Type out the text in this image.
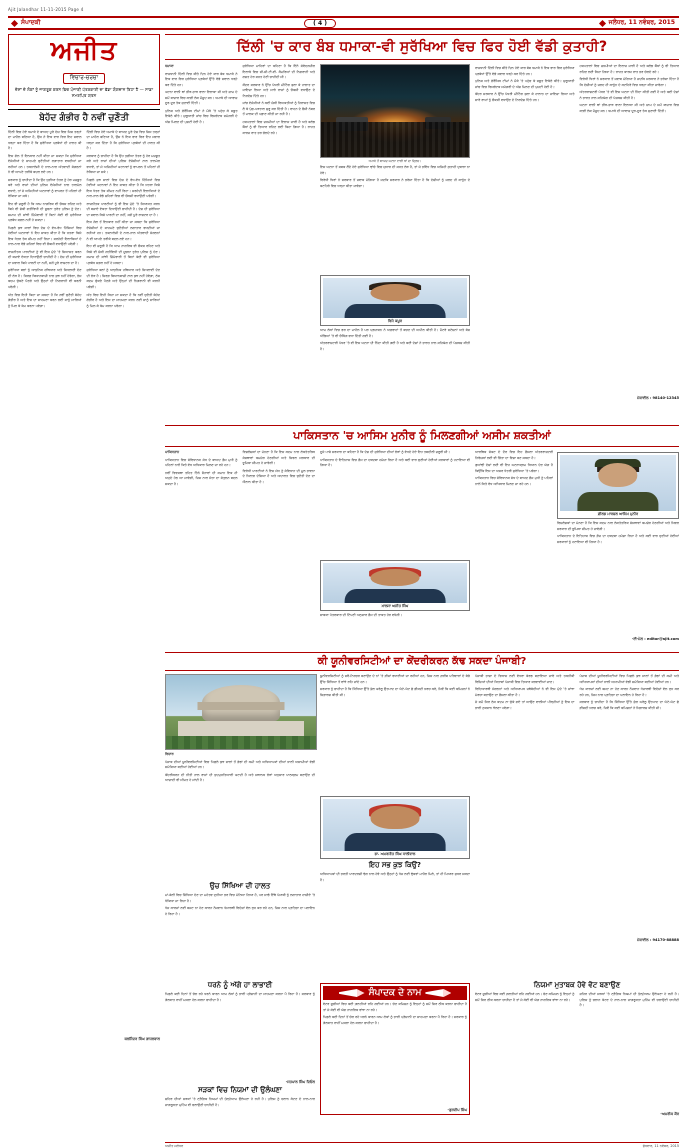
Ajit Jalandhar 11-11-2015 Page 4
ਸੰਪਾਦਕੀ	( 4 )	ਜਲੰਧਰ, 11 ਨਵੰਬਰ, 2015
ਅਜੀਤ
ਵਿਚਾਰ-ਚਰਚਾ
ਦੇਸ਼ਾਂ ਦੇ ਲੋਕਾਂ ਨੂੰ ਜਾਗਰੂਕ ਕਰਨ ਵਿਚ ਪੰਜਾਬੀ ਪੱਤਰਕਾਰੀ ਦਾ ਵੱਡਾ ਯੋਗਦਾਨ ਰਿਹਾ ਹੈ — ਸਾਡਾ ਸਮਰਪਿਤ ਯਤਨ
ਬੇਹੱਦ ਗੰਭੀਰ ਹੈ ਨਵੀਂ ਚੁਣੌਤੀ

ਦਿੱਲੀ ਵਿਚ ਹੋਏ ਧਮਾਕੇ ਦੇ ਬਾਅਦ ਪੂਰੇ ਦੇਸ਼ ਵਿਚ ਜਿਸ ਤਰ੍ਹਾਂ ਦਾ ਮਾਹੌਲ ਬਣਿਆ ਹੈ, ਉਸ ਨੇ ਇਕ ਵਾਰ ਫਿਰ ਇਹ ਸਵਾਲ ਖੜ੍ਹਾ ਕਰ ਦਿੱਤਾ ਹੈ ਕਿ ਸੁਰੱਖਿਆ ਪ੍ਰਬੰਧਾਂ ਦੀ ਹਾਲਤ ਕੀ ਹੈ।

ਇਸ ਗੱਲ ਤੋਂ ਇਨਕਾਰ ਨਹੀਂ ਕੀਤਾ ਜਾ ਸਕਦਾ ਕਿ ਸੁਰੱਖਿਆ ਏਜੰਸੀਆਂ ਦੇ ਸਾਹਮਣੇ ਚੁਣੌਤੀਆਂ ਲਗਾਤਾਰ ਵਧਦੀਆਂ ਜਾ ਰਹੀਆਂ ਹਨ। ਤਕਨਾਲੋਜੀ ਦੇ ਨਾਲ-ਨਾਲ ਅੱਤਵਾਦੀ ਸੰਗਠਨਾਂ ਨੇ ਵੀ ਆਪਣੇ ਤਰੀਕੇ ਬਦਲ ਲਏ ਹਨ।

ਸਰਕਾਰ ਨੂੰ ਚਾਹੀਦਾ ਹੈ ਕਿ ਉਹ ਖੁਫ਼ੀਆ ਤੰਤਰ ਨੂੰ ਹੋਰ ਮਜ਼ਬੂਤ ਕਰੇ ਅਤੇ ਰਾਜਾਂ ਦੀਆਂ ਪੁਲਿਸ ਏਜੰਸੀਆਂ ਨਾਲ ਤਾਲਮੇਲ ਵਧਾਏ, ਤਾਂ ਜੋ ਅਜਿਹੀਆਂ ਘਟਨਾਵਾਂ ਨੂੰ ਵਾਪਰਨ ਤੋਂ ਪਹਿਲਾਂ ਹੀ ਰੋਕਿਆ ਜਾ ਸਕੇ।

ਇਹ ਵੀ ਜ਼ਰੂਰੀ ਹੈ ਕਿ ਆਮ ਨਾਗਰਿਕ ਵੀ ਚੌਕਸ ਰਹਿਣ ਅਤੇ ਕਿਸੇ ਵੀ ਸ਼ੱਕੀ ਗਤੀਵਿਧੀ ਦੀ ਸੂਚਨਾ ਤੁਰੰਤ ਪੁਲਿਸ ਨੂੰ ਦੇਣ। ਸਮਾਜ ਦੀ ਸਾਂਝੀ ਜ਼ਿੰਮੇਵਾਰੀ ਤੋਂ ਬਿਨਾਂ ਕੋਈ ਵੀ ਸੁਰੱਖਿਆ ਪ੍ਰਬੰਧ ਸਫ਼ਲ ਨਹੀਂ ਹੋ ਸਕਦਾ।

ਪਿਛਲੇ ਕੁਝ ਸਾਲਾਂ ਵਿਚ ਦੇਸ਼ ਦੇ ਵੱਖ-ਵੱਖ ਹਿੱਸਿਆਂ ਵਿਚ ਹੋਈਆਂ ਘਟਨਾਵਾਂ ਨੇ ਇਹ ਸਾਬਤ ਕੀਤਾ ਹੈ ਕਿ ਖ਼ਤਰਾ ਕਿਸੇ ਇਕ ਖੇਤਰ ਤੱਕ ਸੀਮਤ ਨਹੀਂ ਰਿਹਾ। ਸਰਹੱਦੀ ਇਲਾਕਿਆਂ ਦੇ ਨਾਲ-ਨਾਲ ਵੱਡੇ ਸ਼ਹਿਰਾਂ ਵਿਚ ਵੀ ਚੌਕਸੀ ਵਧਾਉਣੀ ਪਵੇਗੀ।

ਰਾਜਨੀਤਕ ਪਾਰਟੀਆਂ ਨੂੰ ਵੀ ਇਸ ਮੁੱਦੇ 'ਤੇ ਸਿਆਸਤ ਕਰਨ ਦੀ ਬਜਾਏ ਏਕਤਾ ਦਿਖਾਉਣੀ ਚਾਹੀਦੀ ਹੈ। ਦੇਸ਼ ਦੀ ਸੁਰੱਖਿਆ ਦਾ ਸਵਾਲ ਕਿਸੇ ਪਾਰਟੀ ਦਾ ਨਹੀਂ, ਸਗੋਂ ਪੂਰੇ ਰਾਸ਼ਟਰ ਦਾ ਹੈ।

ਸੁਰੱਖਿਆ ਬਲਾਂ ਨੂੰ ਆਧੁਨਿਕ ਹਥਿਆਰ ਅਤੇ ਸਿਖਲਾਈ ਦੇਣ ਦੀ ਲੋੜ ਹੈ। ਸਿਰਫ਼ ਬਿਆਨਬਾਜ਼ੀ ਨਾਲ ਕੁਝ ਨਹੀਂ ਹੋਵੇਗਾ, ਠੋਸ ਕਦਮ ਚੁੱਕਣੇ ਪੈਣਗੇ ਅਤੇ ਉਨ੍ਹਾਂ ਦੀ ਨਿਗਰਾਨੀ ਵੀ ਕਰਨੀ ਪਵੇਗੀ।

ਅੰਤ ਵਿਚ ਇਹੀ ਕਿਹਾ ਜਾ ਸਕਦਾ ਹੈ ਕਿ ਨਵੀਂ ਚੁਣੌਤੀ ਬੇਹੱਦ ਗੰਭੀਰ ਹੈ ਅਤੇ ਇਸ ਦਾ ਸਾਹਮਣਾ ਕਰਨ ਲਈ ਸਾਨੂੰ ਸਾਰਿਆਂ ਨੂੰ ਮਿਲ ਕੇ ਕੰਮ ਕਰਨਾ ਪਵੇਗਾ।

ਦਿੱਲੀ ਵਿਚ ਹੋਏ ਧਮਾਕੇ ਦੇ ਬਾਅਦ ਪੂਰੇ ਦੇਸ਼ ਵਿਚ ਜਿਸ ਤਰ੍ਹਾਂ ਦਾ ਮਾਹੌਲ ਬਣਿਆ ਹੈ, ਉਸ ਨੇ ਇਕ ਵਾਰ ਫਿਰ ਇਹ ਸਵਾਲ ਖੜ੍ਹਾ ਕਰ ਦਿੱਤਾ ਹੈ ਕਿ ਸੁਰੱਖਿਆ ਪ੍ਰਬੰਧਾਂ ਦੀ ਹਾਲਤ ਕੀ ਹੈ।

ਸਰਕਾਰ ਨੂੰ ਚਾਹੀਦਾ ਹੈ ਕਿ ਉਹ ਖੁਫ਼ੀਆ ਤੰਤਰ ਨੂੰ ਹੋਰ ਮਜ਼ਬੂਤ ਕਰੇ ਅਤੇ ਰਾਜਾਂ ਦੀਆਂ ਪੁਲਿਸ ਏਜੰਸੀਆਂ ਨਾਲ ਤਾਲਮੇਲ ਵਧਾਏ, ਤਾਂ ਜੋ ਅਜਿਹੀਆਂ ਘਟਨਾਵਾਂ ਨੂੰ ਵਾਪਰਨ ਤੋਂ ਪਹਿਲਾਂ ਹੀ ਰੋਕਿਆ ਜਾ ਸਕੇ।

ਪਿਛਲੇ ਕੁਝ ਸਾਲਾਂ ਵਿਚ ਦੇਸ਼ ਦੇ ਵੱਖ-ਵੱਖ ਹਿੱਸਿਆਂ ਵਿਚ ਹੋਈਆਂ ਘਟਨਾਵਾਂ ਨੇ ਇਹ ਸਾਬਤ ਕੀਤਾ ਹੈ ਕਿ ਖ਼ਤਰਾ ਕਿਸੇ ਇਕ ਖੇਤਰ ਤੱਕ ਸੀਮਤ ਨਹੀਂ ਰਿਹਾ। ਸਰਹੱਦੀ ਇਲਾਕਿਆਂ ਦੇ ਨਾਲ-ਨਾਲ ਵੱਡੇ ਸ਼ਹਿਰਾਂ ਵਿਚ ਵੀ ਚੌਕਸੀ ਵਧਾਉਣੀ ਪਵੇਗੀ।

ਰਾਜਨੀਤਕ ਪਾਰਟੀਆਂ ਨੂੰ ਵੀ ਇਸ ਮੁੱਦੇ 'ਤੇ ਸਿਆਸਤ ਕਰਨ ਦੀ ਬਜਾਏ ਏਕਤਾ ਦਿਖਾਉਣੀ ਚਾਹੀਦੀ ਹੈ। ਦੇਸ਼ ਦੀ ਸੁਰੱਖਿਆ ਦਾ ਸਵਾਲ ਕਿਸੇ ਪਾਰਟੀ ਦਾ ਨਹੀਂ, ਸਗੋਂ ਪੂਰੇ ਰਾਸ਼ਟਰ ਦਾ ਹੈ।

ਇਸ ਗੱਲ ਤੋਂ ਇਨਕਾਰ ਨਹੀਂ ਕੀਤਾ ਜਾ ਸਕਦਾ ਕਿ ਸੁਰੱਖਿਆ ਏਜੰਸੀਆਂ ਦੇ ਸਾਹਮਣੇ ਚੁਣੌਤੀਆਂ ਲਗਾਤਾਰ ਵਧਦੀਆਂ ਜਾ ਰਹੀਆਂ ਹਨ। ਤਕਨਾਲੋਜੀ ਦੇ ਨਾਲ-ਨਾਲ ਅੱਤਵਾਦੀ ਸੰਗਠਨਾਂ ਨੇ ਵੀ ਆਪਣੇ ਤਰੀਕੇ ਬਦਲ ਲਏ ਹਨ।

ਇਹ ਵੀ ਜ਼ਰੂਰੀ ਹੈ ਕਿ ਆਮ ਨਾਗਰਿਕ ਵੀ ਚੌਕਸ ਰਹਿਣ ਅਤੇ ਕਿਸੇ ਵੀ ਸ਼ੱਕੀ ਗਤੀਵਿਧੀ ਦੀ ਸੂਚਨਾ ਤੁਰੰਤ ਪੁਲਿਸ ਨੂੰ ਦੇਣ। ਸਮਾਜ ਦੀ ਸਾਂਝੀ ਜ਼ਿੰਮੇਵਾਰੀ ਤੋਂ ਬਿਨਾਂ ਕੋਈ ਵੀ ਸੁਰੱਖਿਆ ਪ੍ਰਬੰਧ ਸਫ਼ਲ ਨਹੀਂ ਹੋ ਸਕਦਾ।

ਸੁਰੱਖਿਆ ਬਲਾਂ ਨੂੰ ਆਧੁਨਿਕ ਹਥਿਆਰ ਅਤੇ ਸਿਖਲਾਈ ਦੇਣ ਦੀ ਲੋੜ ਹੈ। ਸਿਰਫ਼ ਬਿਆਨਬਾਜ਼ੀ ਨਾਲ ਕੁਝ ਨਹੀਂ ਹੋਵੇਗਾ, ਠੋਸ ਕਦਮ ਚੁੱਕਣੇ ਪੈਣਗੇ ਅਤੇ ਉਨ੍ਹਾਂ ਦੀ ਨਿਗਰਾਨੀ ਵੀ ਕਰਨੀ ਪਵੇਗੀ।

ਅੰਤ ਵਿਚ ਇਹੀ ਕਿਹਾ ਜਾ ਸਕਦਾ ਹੈ ਕਿ ਨਵੀਂ ਚੁਣੌਤੀ ਬੇਹੱਦ ਗੰਭੀਰ ਹੈ ਅਤੇ ਇਸ ਦਾ ਸਾਹਮਣਾ ਕਰਨ ਲਈ ਸਾਨੂੰ ਸਾਰਿਆਂ ਨੂੰ ਮਿਲ ਕੇ ਕੰਮ ਕਰਨਾ ਪਵੇਗਾ।

ਬਲਜਿੰਦਰ ਸਿੰਘ ਗਾਜਲਵਾਲ
ਦਿੱਲੀ 'ਚ ਕਾਰ ਬੰਬ ਧਮਾਕਾ-ਵੀ ਸੁਰੱਖਿਆ ਵਿਚ ਫਿਰ ਹੋਈ ਵੱਡੀ ਕੁਤਾਹੀ?

ਧਮਾਕਾ

ਰਾਜਧਾਨੀ ਦਿੱਲੀ ਵਿਚ ਬੀਤੇ ਦਿਨ ਹੋਏ ਕਾਰ ਬੰਬ ਧਮਾਕੇ ਨੇ ਇਕ ਵਾਰ ਫਿਰ ਸੁਰੱਖਿਆ ਪ੍ਰਬੰਧਾਂ ਉੱਤੇ ਵੱਡੇ ਸਵਾਲ ਖੜ੍ਹੇ ਕਰ ਦਿੱਤੇ ਹਨ।

ਘਟਨਾ ਵਾਲੀ ਥਾਂ ਭੀੜ-ਭਾੜ ਵਾਲਾ ਇਲਾਕਾ ਸੀ ਅਤੇ ਸ਼ਾਮ ਦੇ ਸਮੇਂ ਬਾਜ਼ਾਰ ਵਿਚ ਕਾਫ਼ੀ ਲੋਕ ਮੌਜੂਦ ਸਨ। ਧਮਾਕੇ ਦੀ ਆਵਾਜ਼ ਦੂਰ-ਦੂਰ ਤੱਕ ਸੁਣਾਈ ਦਿੱਤੀ।

ਪੁਲਿਸ ਅਤੇ ਫ਼ੋਰੈਂਸਿਕ ਟੀਮਾਂ ਨੇ ਮੌਕੇ 'ਤੇ ਪਹੁੰਚ ਕੇ ਸਬੂਤ ਇਕੱਠੇ ਕੀਤੇ। ਸ਼ੁਰੂਆਤੀ ਜਾਂਚ ਵਿਚ ਵਿਸਫੋਟਕ ਸਮੱਗਰੀ ਦੇ ਅੰਸ਼ ਮਿਲਣ ਦੀ ਪੁਸ਼ਟੀ ਹੋਈ ਹੈ।

ਸੁਰੱਖਿਆ ਮਾਹਿਰਾਂ ਦਾ ਕਹਿਣਾ ਹੈ ਕਿ ਇੰਨੇ ਸੰਵੇਦਨਸ਼ੀਲ ਇਲਾਕੇ ਵਿਚ ਸੀ.ਸੀ.ਟੀ.ਵੀ. ਕੈਮਰਿਆਂ ਦੀ ਨਿਗਰਾਨੀ ਅਤੇ ਗਸ਼ਤ ਹੋਰ ਸਖ਼ਤ ਹੋਣੀ ਚਾਹੀਦੀ ਸੀ।

ਕੇਂਦਰ ਸਰਕਾਰ ਨੇ ਉੱਚ ਪੱਧਰੀ ਮੀਟਿੰਗ ਬੁਲਾ ਕੇ ਹਾਲਾਤ ਦਾ ਜਾਇਜ਼ਾ ਲਿਆ ਅਤੇ ਸਾਰੇ ਰਾਜਾਂ ਨੂੰ ਚੌਕਸੀ ਵਧਾਉਣ ਦੇ ਨਿਰਦੇਸ਼ ਦਿੱਤੇ ਹਨ।

ਜਾਂਚ ਏਜੰਸੀਆਂ ਨੇ ਕਈ ਸ਼ੱਕੀ ਵਿਅਕਤੀਆਂ ਨੂੰ ਹਿਰਾਸਤ ਵਿਚ ਲੈ ਕੇ ਪੁੱਛ-ਪੜਤਾਲ ਸ਼ੁਰੂ ਕਰ ਦਿੱਤੀ ਹੈ। ਵਾਹਨ ਦੇ ਚੈਸੀ ਨੰਬਰ ਤੋਂ ਮਾਲਕ ਦੀ ਪਛਾਣ ਕੀਤੀ ਜਾ ਰਹੀ ਹੈ।

ਹਸਪਤਾਲਾਂ ਵਿਚ ਜ਼ਖ਼ਮੀਆਂ ਦਾ ਇਲਾਜ ਜਾਰੀ ਹੈ ਅਤੇ ਬਲੱਡ ਬੈਂਕਾਂ ਨੂੰ ਵੀ ਤਿਆਰ ਰਹਿਣ ਲਈ ਕਿਹਾ ਗਿਆ ਹੈ। ਰਾਹਤ ਕਾਰਜ ਰਾਤ ਭਰ ਚੱਲਦੇ ਰਹੇ।

ਧਮਾਕੇ ਤੋਂ ਬਾਅਦ ਘਟਨਾ ਵਾਲੀ ਥਾਂ ਦਾ ਦ੍ਰਿਸ਼।

ਇਸ ਘਟਨਾ ਤੋਂ ਸਬਕ ਲੈਂਦੇ ਹੋਏ ਸੁਰੱਖਿਆ ਢਾਂਚੇ ਵਿਚ ਸੁਧਾਰ ਦੀ ਸਖ਼ਤ ਲੋੜ ਹੈ, ਤਾਂ ਜੋ ਭਵਿੱਖ ਵਿਚ ਅਜਿਹੀ ਕੁਤਾਹੀ ਦੁਬਾਰਾ ਨਾ ਹੋਵੇ।

ਵਿਰੋਧੀ ਧਿਰਾਂ ਨੇ ਸਰਕਾਰ ਤੋਂ ਜਵਾਬ ਮੰਗਿਆ ਹੈ ਜਦਕਿ ਸਰਕਾਰ ਨੇ ਭਰੋਸਾ ਦਿੱਤਾ ਹੈ ਕਿ ਦੋਸ਼ੀਆਂ ਨੂੰ ਜਲਦ ਹੀ ਕਾਨੂੰਨ ਦੇ ਕਟਹਿਰੇ ਵਿਚ ਖੜ੍ਹਾ ਕੀਤਾ ਜਾਵੇਗਾ।

ਵਿਜੇ ਕਪੂਰ

ਆਮ ਲੋਕਾਂ ਵਿਚ ਡਰ ਦਾ ਮਾਹੌਲ ਹੈ ਪਰ ਪ੍ਰਸ਼ਾਸਨ ਨੇ ਅਫ਼ਵਾਹਾਂ ਤੋਂ ਬਚਣ ਦੀ ਅਪੀਲ ਕੀਤੀ ਹੈ। ਮੈਟਰੋ ਸਟੇਸ਼ਨਾਂ ਅਤੇ ਬੱਸ ਅੱਡਿਆਂ 'ਤੇ ਵੀ ਚੈਕਿੰਗ ਵਧਾ ਦਿੱਤੀ ਗਈ ਹੈ।

ਅੰਤਰਰਾਸ਼ਟਰੀ ਪੱਧਰ 'ਤੇ ਵੀ ਇਸ ਘਟਨਾ ਦੀ ਨਿੰਦਾ ਕੀਤੀ ਗਈ ਹੈ ਅਤੇ ਕਈ ਦੇਸ਼ਾਂ ਨੇ ਭਾਰਤ ਨਾਲ ਸਹਿਯੋਗ ਦੀ ਪੇਸ਼ਕਸ਼ ਕੀਤੀ ਹੈ।

ਰਾਜਧਾਨੀ ਦਿੱਲੀ ਵਿਚ ਬੀਤੇ ਦਿਨ ਹੋਏ ਕਾਰ ਬੰਬ ਧਮਾਕੇ ਨੇ ਇਕ ਵਾਰ ਫਿਰ ਸੁਰੱਖਿਆ ਪ੍ਰਬੰਧਾਂ ਉੱਤੇ ਵੱਡੇ ਸਵਾਲ ਖੜ੍ਹੇ ਕਰ ਦਿੱਤੇ ਹਨ।

ਪੁਲਿਸ ਅਤੇ ਫ਼ੋਰੈਂਸਿਕ ਟੀਮਾਂ ਨੇ ਮੌਕੇ 'ਤੇ ਪਹੁੰਚ ਕੇ ਸਬੂਤ ਇਕੱਠੇ ਕੀਤੇ। ਸ਼ੁਰੂਆਤੀ ਜਾਂਚ ਵਿਚ ਵਿਸਫੋਟਕ ਸਮੱਗਰੀ ਦੇ ਅੰਸ਼ ਮਿਲਣ ਦੀ ਪੁਸ਼ਟੀ ਹੋਈ ਹੈ।

ਕੇਂਦਰ ਸਰਕਾਰ ਨੇ ਉੱਚ ਪੱਧਰੀ ਮੀਟਿੰਗ ਬੁਲਾ ਕੇ ਹਾਲਾਤ ਦਾ ਜਾਇਜ਼ਾ ਲਿਆ ਅਤੇ ਸਾਰੇ ਰਾਜਾਂ ਨੂੰ ਚੌਕਸੀ ਵਧਾਉਣ ਦੇ ਨਿਰਦੇਸ਼ ਦਿੱਤੇ ਹਨ।

ਹਸਪਤਾਲਾਂ ਵਿਚ ਜ਼ਖ਼ਮੀਆਂ ਦਾ ਇਲਾਜ ਜਾਰੀ ਹੈ ਅਤੇ ਬਲੱਡ ਬੈਂਕਾਂ ਨੂੰ ਵੀ ਤਿਆਰ ਰਹਿਣ ਲਈ ਕਿਹਾ ਗਿਆ ਹੈ। ਰਾਹਤ ਕਾਰਜ ਰਾਤ ਭਰ ਚੱਲਦੇ ਰਹੇ।

ਵਿਰੋਧੀ ਧਿਰਾਂ ਨੇ ਸਰਕਾਰ ਤੋਂ ਜਵਾਬ ਮੰਗਿਆ ਹੈ ਜਦਕਿ ਸਰਕਾਰ ਨੇ ਭਰੋਸਾ ਦਿੱਤਾ ਹੈ ਕਿ ਦੋਸ਼ੀਆਂ ਨੂੰ ਜਲਦ ਹੀ ਕਾਨੂੰਨ ਦੇ ਕਟਹਿਰੇ ਵਿਚ ਖੜ੍ਹਾ ਕੀਤਾ ਜਾਵੇਗਾ।

ਅੰਤਰਰਾਸ਼ਟਰੀ ਪੱਧਰ 'ਤੇ ਵੀ ਇਸ ਘਟਨਾ ਦੀ ਨਿੰਦਾ ਕੀਤੀ ਗਈ ਹੈ ਅਤੇ ਕਈ ਦੇਸ਼ਾਂ ਨੇ ਭਾਰਤ ਨਾਲ ਸਹਿਯੋਗ ਦੀ ਪੇਸ਼ਕਸ਼ ਕੀਤੀ ਹੈ।

ਘਟਨਾ ਵਾਲੀ ਥਾਂ ਭੀੜ-ਭਾੜ ਵਾਲਾ ਇਲਾਕਾ ਸੀ ਅਤੇ ਸ਼ਾਮ ਦੇ ਸਮੇਂ ਬਾਜ਼ਾਰ ਵਿਚ ਕਾਫ਼ੀ ਲੋਕ ਮੌਜੂਦ ਸਨ। ਧਮਾਕੇ ਦੀ ਆਵਾਜ਼ ਦੂਰ-ਦੂਰ ਤੱਕ ਸੁਣਾਈ ਦਿੱਤੀ।

ਮੋਬਾਈਲ : 98140-12345
ਪਾਕਿਸਤਾਨ 'ਚ ਆਸਿਮ ਮੁਨੀਰ ਨੂੰ ਮਿਲਣਗੀਆਂ ਅਸੀਮ ਸ਼ਕਤੀਆਂ

ਪਾਕਿਸਤਾਨ

ਪਾਕਿਸਤਾਨ ਵਿਚ ਸੰਵਿਧਾਨਕ ਸੋਧ ਦੇ ਬਾਅਦ ਫ਼ੌਜ ਮੁਖੀ ਨੂੰ ਪਹਿਲਾਂ ਨਾਲੋਂ ਕਿਤੇ ਵੱਧ ਅਧਿਕਾਰ ਮਿਲਣ ਜਾ ਰਹੇ ਹਨ।

ਨਵੀਂ ਵਿਵਸਥਾ ਤਹਿਤ ਤਿੰਨੇ ਸੈਨਾਵਾਂ ਦੀ ਕਮਾਨ ਇਕ ਹੀ ਅਹੁਦੇ ਹੇਠ ਆ ਜਾਵੇਗੀ, ਜਿਸ ਨਾਲ ਸੱਤਾ ਦਾ ਸੰਤੁਲਨ ਬਦਲ ਸਕਦਾ ਹੈ।

ਵਿਸ਼ਲੇਸ਼ਕਾਂ ਦਾ ਮੰਨਣਾ ਹੈ ਕਿ ਇਸ ਕਦਮ ਨਾਲ ਲੋਕਤੰਤਰਿਕ ਸੰਸਥਾਵਾਂ ਕਮਜ਼ੋਰ ਹੋਣਗੀਆਂ ਅਤੇ ਸਿਵਲ ਸਰਕਾਰ ਦੀ ਭੂਮਿਕਾ ਸੀਮਤ ਹੋ ਜਾਵੇਗੀ।

ਵਿਰੋਧੀ ਪਾਰਟੀਆਂ ਨੇ ਇਸ ਸੋਧ ਨੂੰ ਸੰਵਿਧਾਨ ਦੀ ਮੂਲ ਭਾਵਨਾ ਦੇ ਖ਼ਿਲਾਫ਼ ਦੱਸਿਆ ਹੈ ਅਤੇ ਅਦਾਲਤ ਵਿਚ ਚੁਣੌਤੀ ਦੇਣ ਦਾ ਐਲਾਨ ਕੀਤਾ ਹੈ।

ਦੂਜੇ ਪਾਸੇ ਸਰਕਾਰ ਦਾ ਕਹਿਣਾ ਹੈ ਕਿ ਦੇਸ਼ ਦੀ ਸੁਰੱਖਿਆ ਦੀਆਂ ਲੋੜਾਂ ਨੂੰ ਵੇਖਦੇ ਹੋਏ ਇਹ ਤਬਦੀਲੀ ਜ਼ਰੂਰੀ ਸੀ।

ਪਾਕਿਸਤਾਨ ਦੇ ਇਤਿਹਾਸ ਵਿਚ ਫ਼ੌਜ ਦਾ ਦਬਦਬਾ ਹਮੇਸ਼ਾ ਰਿਹਾ ਹੈ ਅਤੇ ਕਈ ਵਾਰ ਚੁਣੀਆਂ ਹੋਈਆਂ ਸਰਕਾਰਾਂ ਨੂੰ ਹਟਾਇਆ ਵੀ ਗਿਆ ਹੈ।

ਖ਼ਾਲਸਾ ਅਜੀਤ ਸਿੰਘ

ਸਾਬਕਾ ਪੱਤਰਕਾਰ ਦੀ ਟਿੱਪਣੀ ਅਨੁਸਾਰ ਫ਼ੌਜ ਦੀ ਤਾਕਤ ਹੋਰ ਵਧੇਗੀ।

ਆਰਥਿਕ ਸੰਕਟ ਦੇ ਦੌਰ ਵਿਚ ਇਹ ਫ਼ੈਸਲਾ ਅੰਤਰਰਾਸ਼ਟਰੀ ਨਿਵੇਸ਼ਕਾਂ ਲਈ ਵੀ ਚਿੰਤਾ ਦਾ ਵਿਸ਼ਾ ਬਣ ਸਕਦਾ ਹੈ।

ਗੁਆਂਢੀ ਦੇਸ਼ਾਂ ਲਈ ਵੀ ਇਹ ਘਟਨਾਕ੍ਰਮ ਧਿਆਨ ਦੇਣ ਯੋਗ ਹੈ ਕਿਉਂਕਿ ਇਸ ਦਾ ਅਸਰ ਖੇਤਰੀ ਸੁਰੱਖਿਆ 'ਤੇ ਪਵੇਗਾ।

ਪਾਕਿਸਤਾਨ ਵਿਚ ਸੰਵਿਧਾਨਕ ਸੋਧ ਦੇ ਬਾਅਦ ਫ਼ੌਜ ਮੁਖੀ ਨੂੰ ਪਹਿਲਾਂ ਨਾਲੋਂ ਕਿਤੇ ਵੱਧ ਅਧਿਕਾਰ ਮਿਲਣ ਜਾ ਰਹੇ ਹਨ।

ਫ਼ੀਲਡ ਮਾਰਸ਼ਲ ਆਸਿਮ ਮੁਨੀਰ

ਵਿਸ਼ਲੇਸ਼ਕਾਂ ਦਾ ਮੰਨਣਾ ਹੈ ਕਿ ਇਸ ਕਦਮ ਨਾਲ ਲੋਕਤੰਤਰਿਕ ਸੰਸਥਾਵਾਂ ਕਮਜ਼ੋਰ ਹੋਣਗੀਆਂ ਅਤੇ ਸਿਵਲ ਸਰਕਾਰ ਦੀ ਭੂਮਿਕਾ ਸੀਮਤ ਹੋ ਜਾਵੇਗੀ।

ਪਾਕਿਸਤਾਨ ਦੇ ਇਤਿਹਾਸ ਵਿਚ ਫ਼ੌਜ ਦਾ ਦਬਦਬਾ ਹਮੇਸ਼ਾ ਰਿਹਾ ਹੈ ਅਤੇ ਕਈ ਵਾਰ ਚੁਣੀਆਂ ਹੋਈਆਂ ਸਰਕਾਰਾਂ ਨੂੰ ਹਟਾਇਆ ਵੀ ਗਿਆ ਹੈ।

-ਈ-ਮੇਲ : editor@ajit.com
ਕੀ ਯੂਨੀਵਰਸਿਟੀਆਂ ਦਾ ਕੇਂਦਰੀਕਰਨ ਕੱਢ ਸਕਦਾ ਪੰਜਾਬੀ?

ਵਿਚਾਰ

ਪੰਜਾਬ ਦੀਆਂ ਯੂਨੀਵਰਸਿਟੀਆਂ ਵਿਚ ਪਿਛਲੇ ਕੁਝ ਸਾਲਾਂ ਤੋਂ ਫ਼ੰਡਾਂ ਦੀ ਕਮੀ ਅਤੇ ਅਧਿਆਪਕਾਂ ਦੀਆਂ ਖ਼ਾਲੀ ਅਸਾਮੀਆਂ ਵੱਡੀ ਸਮੱਸਿਆ ਬਣੀਆਂ ਹੋਈਆਂ ਹਨ।

ਕੇਂਦਰੀਕਰਨ ਦੀ ਨੀਤੀ ਨਾਲ ਰਾਜਾਂ ਦੀ ਖ਼ੁਦਮੁਖ਼ਤਿਆਰੀ ਘਟਦੀ ਹੈ ਅਤੇ ਸਥਾਨਕ ਲੋੜਾਂ ਅਨੁਸਾਰ ਪਾਠਕ੍ਰਮ ਬਣਾਉਣ ਦੀ ਆਜ਼ਾਦੀ ਵੀ ਸੀਮਤ ਹੋ ਜਾਂਦੀ ਹੈ।

ਉਚ ਸਿੱਖਿਆ ਦੀ ਹਾਲਤ

ਮਾਂ-ਬੋਲੀ ਵਿਚ ਸਿੱਖਿਆ ਦੇਣ ਦਾ ਮਹੱਤਵ ਦੁਨੀਆ ਭਰ ਵਿਚ ਮੰਨਿਆ ਗਿਆ ਹੈ, ਪਰ ਸਾਡੇ ਇੱਥੇ ਪੰਜਾਬੀ ਨੂੰ ਲਗਾਤਾਰ ਹਾਸ਼ੀਏ 'ਤੇ ਧੱਕਿਆ ਜਾ ਰਿਹਾ ਹੈ।

ਖੋਜ ਕਾਰਜਾਂ ਲਈ ਬਜਟ ਨਾ ਹੋਣ ਕਾਰਨ ਨੌਜਵਾਨ ਖੋਜਾਰਥੀ ਵਿਦੇਸ਼ਾਂ ਵੱਲ ਰੁਖ਼ ਕਰ ਰਹੇ ਹਨ, ਜਿਸ ਨਾਲ ਪ੍ਰਤਿਭਾ ਦਾ ਪਲਾਇਨ ਹੋ ਰਿਹਾ ਹੈ।

ਯੂਨੀਵਰਸਿਟੀਆਂ ਨੂੰ ਸਵੈ-ਨਿਰਭਰ ਬਣਾਉਣ ਦੇ ਨਾਂ 'ਤੇ ਫ਼ੀਸਾਂ ਵਧਾਈਆਂ ਜਾ ਰਹੀਆਂ ਹਨ, ਜਿਸ ਨਾਲ ਗ਼ਰੀਬ ਪਰਿਵਾਰਾਂ ਦੇ ਬੱਚੇ ਉੱਚ ਸਿੱਖਿਆ ਤੋਂ ਵਾਂਝੇ ਰਹਿ ਜਾਂਦੇ ਹਨ।

ਸਰਕਾਰ ਨੂੰ ਚਾਹੀਦਾ ਹੈ ਕਿ ਸਿੱਖਿਆ ਉੱਤੇ ਕੁੱਲ ਘਰੇਲੂ ਉਤਪਾਦ ਦਾ ਘੱਟੋ-ਘੱਟ ਛੇ ਫ਼ੀਸਦੀ ਖ਼ਰਚ ਕਰੇ, ਜਿਵੇਂ ਕਿ ਕਈ ਕਮਿਸ਼ਨਾਂ ਨੇ ਸਿਫ਼ਾਰਸ਼ ਕੀਤੀ ਸੀ।

ਡਾ. ਅਮਰਜੀਤ ਸਿੰਘ ਧਾਲੀਵਾਲ
ਇਹ ਸਭ ਕੁਝ ਕਿਉਂ?

ਅਧਿਆਪਕਾਂ ਦੀ ਭਰਤੀ ਪਾਰਦਰਸ਼ੀ ਢੰਗ ਨਾਲ ਹੋਵੇ ਅਤੇ ਉਨ੍ਹਾਂ ਨੂੰ ਖੋਜ ਲਈ ਢੁੱਕਵਾਂ ਮਾਹੌਲ ਮਿਲੇ, ਤਾਂ ਹੀ ਮਿਆਰ ਸੁਧਰ ਸਕਦਾ ਹੈ।

ਪੰਜਾਬੀ ਭਾਸ਼ਾ ਦੇ ਵਿਕਾਸ ਲਈ ਵੱਖਰਾ ਬੋਰਡ ਬਣਾਇਆ ਜਾਵੇ ਅਤੇ ਤਕਨੀਕੀ ਵਿਸ਼ਿਆਂ ਦੀਆਂ ਕਿਤਾਬਾਂ ਪੰਜਾਬੀ ਵਿਚ ਤਿਆਰ ਕਰਵਾਈਆਂ ਜਾਣ।

ਵਿਦਿਆਰਥੀ ਸੰਗਠਨਾਂ ਅਤੇ ਅਧਿਆਪਕ ਜਥੇਬੰਦੀਆਂ ਨੇ ਵੀ ਇਸ ਮੁੱਦੇ 'ਤੇ ਸਾਂਝਾ ਮੋਰਚਾ ਬਣਾਉਣ ਦਾ ਫ਼ੈਸਲਾ ਕੀਤਾ ਹੈ।

ਜੇ ਸਮੇਂ ਸਿਰ ਠੋਸ ਕਦਮ ਨਾ ਚੁੱਕੇ ਗਏ ਤਾਂ ਆਉਣ ਵਾਲੀਆਂ ਪੀੜ੍ਹੀਆਂ ਨੂੰ ਇਸ ਦਾ ਭਾਰੀ ਨੁਕਸਾਨ ਝੱਲਣਾ ਪਵੇਗਾ।

ਪੰਜਾਬ ਦੀਆਂ ਯੂਨੀਵਰਸਿਟੀਆਂ ਵਿਚ ਪਿਛਲੇ ਕੁਝ ਸਾਲਾਂ ਤੋਂ ਫ਼ੰਡਾਂ ਦੀ ਕਮੀ ਅਤੇ ਅਧਿਆਪਕਾਂ ਦੀਆਂ ਖ਼ਾਲੀ ਅਸਾਮੀਆਂ ਵੱਡੀ ਸਮੱਸਿਆ ਬਣੀਆਂ ਹੋਈਆਂ ਹਨ।

ਖੋਜ ਕਾਰਜਾਂ ਲਈ ਬਜਟ ਨਾ ਹੋਣ ਕਾਰਨ ਨੌਜਵਾਨ ਖੋਜਾਰਥੀ ਵਿਦੇਸ਼ਾਂ ਵੱਲ ਰੁਖ਼ ਕਰ ਰਹੇ ਹਨ, ਜਿਸ ਨਾਲ ਪ੍ਰਤਿਭਾ ਦਾ ਪਲਾਇਨ ਹੋ ਰਿਹਾ ਹੈ।

ਸਰਕਾਰ ਨੂੰ ਚਾਹੀਦਾ ਹੈ ਕਿ ਸਿੱਖਿਆ ਉੱਤੇ ਕੁੱਲ ਘਰੇਲੂ ਉਤਪਾਦ ਦਾ ਘੱਟੋ-ਘੱਟ ਛੇ ਫ਼ੀਸਦੀ ਖ਼ਰਚ ਕਰੇ, ਜਿਵੇਂ ਕਿ ਕਈ ਕਮਿਸ਼ਨਾਂ ਨੇ ਸਿਫ਼ਾਰਸ਼ ਕੀਤੀ ਸੀ।

ਮੋਬਾਈਲ : 94170-88888
ਧਰਨੇ ਨੂੰ ਅੱਗੇ ਹਾ ਲਾਭਾਈ

ਪਿਛਲੇ ਕਈ ਦਿਨਾਂ ਤੋਂ ਚੱਲ ਰਹੇ ਧਰਨੇ ਕਾਰਨ ਆਮ ਲੋਕਾਂ ਨੂੰ ਭਾਰੀ ਪ੍ਰੇਸ਼ਾਨੀ ਦਾ ਸਾਹਮਣਾ ਕਰਨਾ ਪੈ ਰਿਹਾ ਹੈ। ਸਰਕਾਰ ਨੂੰ ਗੱਲਬਾਤ ਰਾਹੀਂ ਮਸਲਾ ਹੱਲ ਕਰਨਾ ਚਾਹੀਦਾ ਹੈ।

-ਸਤਪਾਲ ਸਿੰਘ ਦਿਓਲ
ਸੜਕਾਂ ਵਿਚ ਨਿਯਮਾਂ ਦੀ ਉਲੰਘਣਾ

ਸ਼ਹਿਰ ਦੀਆਂ ਸੜਕਾਂ 'ਤੇ ਟ੍ਰੈਫ਼ਿਕ ਨਿਯਮਾਂ ਦੀ ਖੁੱਲ੍ਹੇਆਮ ਉਲੰਘਣਾ ਹੋ ਰਹੀ ਹੈ। ਪੁਲਿਸ ਨੂੰ ਚਲਾਨ ਕੱਟਣ ਦੇ ਨਾਲ-ਨਾਲ ਜਾਗਰੂਕਤਾ ਮੁਹਿੰਮ ਵੀ ਚਲਾਉਣੀ ਚਾਹੀਦੀ ਹੈ।

ਸੰਪਾਦਕ ਦੇ ਨਾਮ

ਵੋਟਰ ਸੂਚੀਆਂ ਵਿਚ ਕਈ ਗ਼ਲਤੀਆਂ ਰਹਿ ਗਈਆਂ ਹਨ। ਚੋਣ ਕਮਿਸ਼ਨ ਨੂੰ ਇਨ੍ਹਾਂ ਨੂੰ ਸਮੇਂ ਸਿਰ ਠੀਕ ਕਰਨਾ ਚਾਹੀਦਾ ਹੈ ਤਾਂ ਜੋ ਕੋਈ ਵੀ ਯੋਗ ਨਾਗਰਿਕ ਵਾਂਝਾ ਨਾ ਰਹੇ।

ਪਿਛਲੇ ਕਈ ਦਿਨਾਂ ਤੋਂ ਚੱਲ ਰਹੇ ਧਰਨੇ ਕਾਰਨ ਆਮ ਲੋਕਾਂ ਨੂੰ ਭਾਰੀ ਪ੍ਰੇਸ਼ਾਨੀ ਦਾ ਸਾਹਮਣਾ ਕਰਨਾ ਪੈ ਰਿਹਾ ਹੈ। ਸਰਕਾਰ ਨੂੰ ਗੱਲਬਾਤ ਰਾਹੀਂ ਮਸਲਾ ਹੱਲ ਕਰਨਾ ਚਾਹੀਦਾ ਹੈ।

-ਗੁਰਦੀਪ ਸਿੰਘ
ਨਿਯਮਾਂ ਮੁਤਾਬਕ ਹੋਵੇ ਵੋਟ ਬਣਾਉਣ

ਵੋਟਰ ਸੂਚੀਆਂ ਵਿਚ ਕਈ ਗ਼ਲਤੀਆਂ ਰਹਿ ਗਈਆਂ ਹਨ। ਚੋਣ ਕਮਿਸ਼ਨ ਨੂੰ ਇਨ੍ਹਾਂ ਨੂੰ ਸਮੇਂ ਸਿਰ ਠੀਕ ਕਰਨਾ ਚਾਹੀਦਾ ਹੈ ਤਾਂ ਜੋ ਕੋਈ ਵੀ ਯੋਗ ਨਾਗਰਿਕ ਵਾਂਝਾ ਨਾ ਰਹੇ।

ਸ਼ਹਿਰ ਦੀਆਂ ਸੜਕਾਂ 'ਤੇ ਟ੍ਰੈਫ਼ਿਕ ਨਿਯਮਾਂ ਦੀ ਖੁੱਲ੍ਹੇਆਮ ਉਲੰਘਣਾ ਹੋ ਰਹੀ ਹੈ। ਪੁਲਿਸ ਨੂੰ ਚਲਾਨ ਕੱਟਣ ਦੇ ਨਾਲ-ਨਾਲ ਜਾਗਰੂਕਤਾ ਮੁਹਿੰਮ ਵੀ ਚਲਾਉਣੀ ਚਾਹੀਦੀ ਹੈ।

-ਅਮਰੀਕ ਕੌਰ
ਅਜੀਤ ਜਲੰਧਰ	ਬੁੱਧਵਾਰ, 11 ਨਵੰਬਰ, 2015
